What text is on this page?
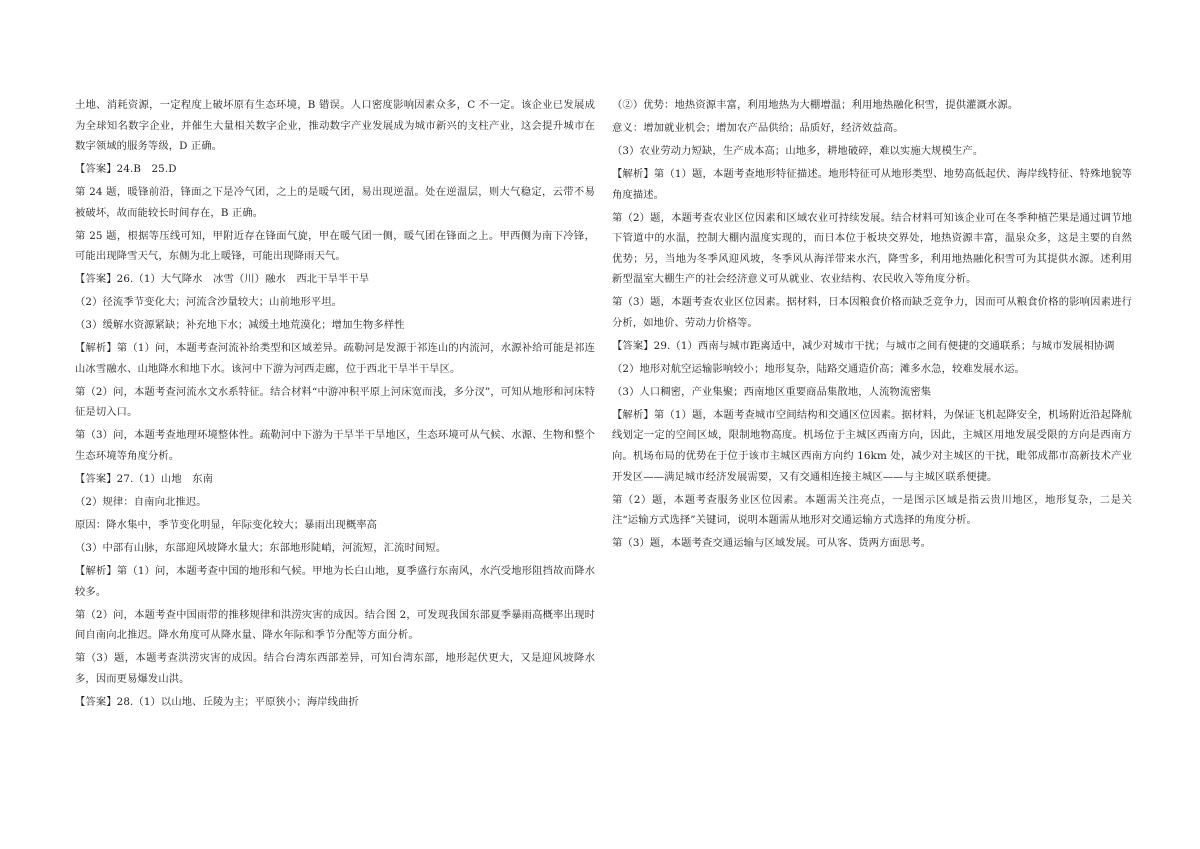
土地、消耗资源，一定程度上破坏原有生态环境，B 错误。人口密度影响因素众多，C 不一定。该企业已发展成为全球知名数字企业，并催生大量相关数字企业，推动数字产业发展成为城市新兴的支柱产业，这会提升城市在数字领域的服务等级，D 正确。

【答案】24.B　25.D

第 24 题，暖锋前沿，锋面之下是冷气团，之上的是暖气团，易出现逆温。处在逆温层，则大气稳定，云带不易被破坏，故而能较长时间存在，B 正确。

第 25 题，根据等压线可知，甲附近存在锋面气旋，甲在暖气团一侧，暖气团在锋面之上。甲西侧为南下冷锋，可能出现降雪天气，东侧为北上暖锋，可能出现降雨天气。

【答案】26.（1）大气降水　冰雪（川）融水　西北干旱半干旱

（2）径流季节变化大；河流含沙量较大；山前地形平坦。

（3）缓解水资源紧缺；补充地下水；减缓土地荒漠化；增加生物多样性

【解析】第（1）问，本题考查河流补给类型和区域差异。疏勒河是发源于祁连山的内流河，水源补给可能是祁连山冰雪融水、山地降水和地下水。该河中下游为河西走廊，位于西北干旱半干旱区。

第（2）问，本题考查河流水文水系特征。结合材料“中游冲积平原上河床宽而浅，多分汊”，可知从地形和河床特征是切入口。

第（3）问，本题考查地理环境整体性。疏勒河中下游为干旱半干旱地区，生态环境可从气候、水源、生物和整个生态环境等角度分析。

【答案】27.（1）山地　东南

（2）规律：自南向北推迟。

原因：降水集中，季节变化明显，年际变化较大；暴雨出现概率高

（3）中部有山脉，东部迎风坡降水量大；东部地形陡峭，河流短，汇流时间短。

【解析】第（1）问，本题考查中国的地形和气候。甲地为长白山地，夏季盛行东南风，水汽受地形阻挡故而降水较多。

第（2）问，本题考查中国雨带的推移规律和洪涝灾害的成因。结合图 2，可发现我国东部夏季暴雨高概率出现时间自南向北推迟。降水角度可从降水量、降水年际和季节分配等方面分析。

第（3）题，本题考查洪涝灾害的成因。结合台湾东西部差异，可知台湾东部，地形起伏更大，又是迎风坡降水多，因而更易爆发山洪。

【答案】28.（1）以山地、丘陵为主；平原狭小；海岸线曲折

（②）优势：地热资源丰富，利用地热为大棚增温；利用地热融化积雪，提供灌溉水源。

意义：增加就业机会；增加农产品供给；品质好，经济效益高。

（3）农业劳动力短缺，生产成本高；山地多，耕地破碎，难以实施大规模生产。

【解析】第（1）题，本题考查地形特征描述。地形特征可从地形类型、地势高低起伏、海岸线特征、特殊地貌等角度描述。

第（2）题，本题考查农业区位因素和区域农业可持续发展。结合材料可知该企业可在冬季种植芒果是通过调节地下管道中的水温，控制大棚内温度实现的，而日本位于板块交界处，地热资源丰富，温泉众多，这是主要的自然优势；另，当地为冬季风迎风坡，冬季风从海洋带来水汽，降雪多，利用地热融化积雪可为其提供水源。述利用新型温室大棚生产的社会经济意义可从就业、农业结构、农民收入等角度分析。

第（3）题，本题考查农业区位因素。据材料，日本因粮食价格而缺乏竞争力，因而可从粮食价格的影响因素进行分析，如地价、劳动力价格等。

【答案】29.（1）西南与城市距离适中，减少对城市干扰；与城市之间有便捷的交通联系；与城市发展相协调

（2）地形对航空运输影响较小；地形复杂，陆路交通造价高；滩多水急，较难发展水运。

（3）人口稠密，产业集聚；西南地区重要商品集散地，人流物流密集

【解析】第（1）题，本题考查城市空间结构和交通区位因素。据材料，为保证飞机起降安全，机场附近沿起降航线划定一定的空间区域，限制地物高度。机场位于主城区西南方向，因此，主城区用地发展受限的方向是西南方向。机场布局的优势在于位于该市主城区西南方向约 16km 处，减少对主城区的干扰，毗邻成都市高新技术产业开发区——满足城市经济发展需要，又有交通相连接主城区——与主城区联系便捷。

第（2）题，本题考查服务业区位因素。本题需关注亮点，一是图示区域是指云贵川地区，地形复杂，二是关注“运输方式选择”关键词，说明本题需从地形对交通运输方式选择的角度分析。

第（3）题，本题考查交通运输与区域发展。可从客、货两方面思考。
